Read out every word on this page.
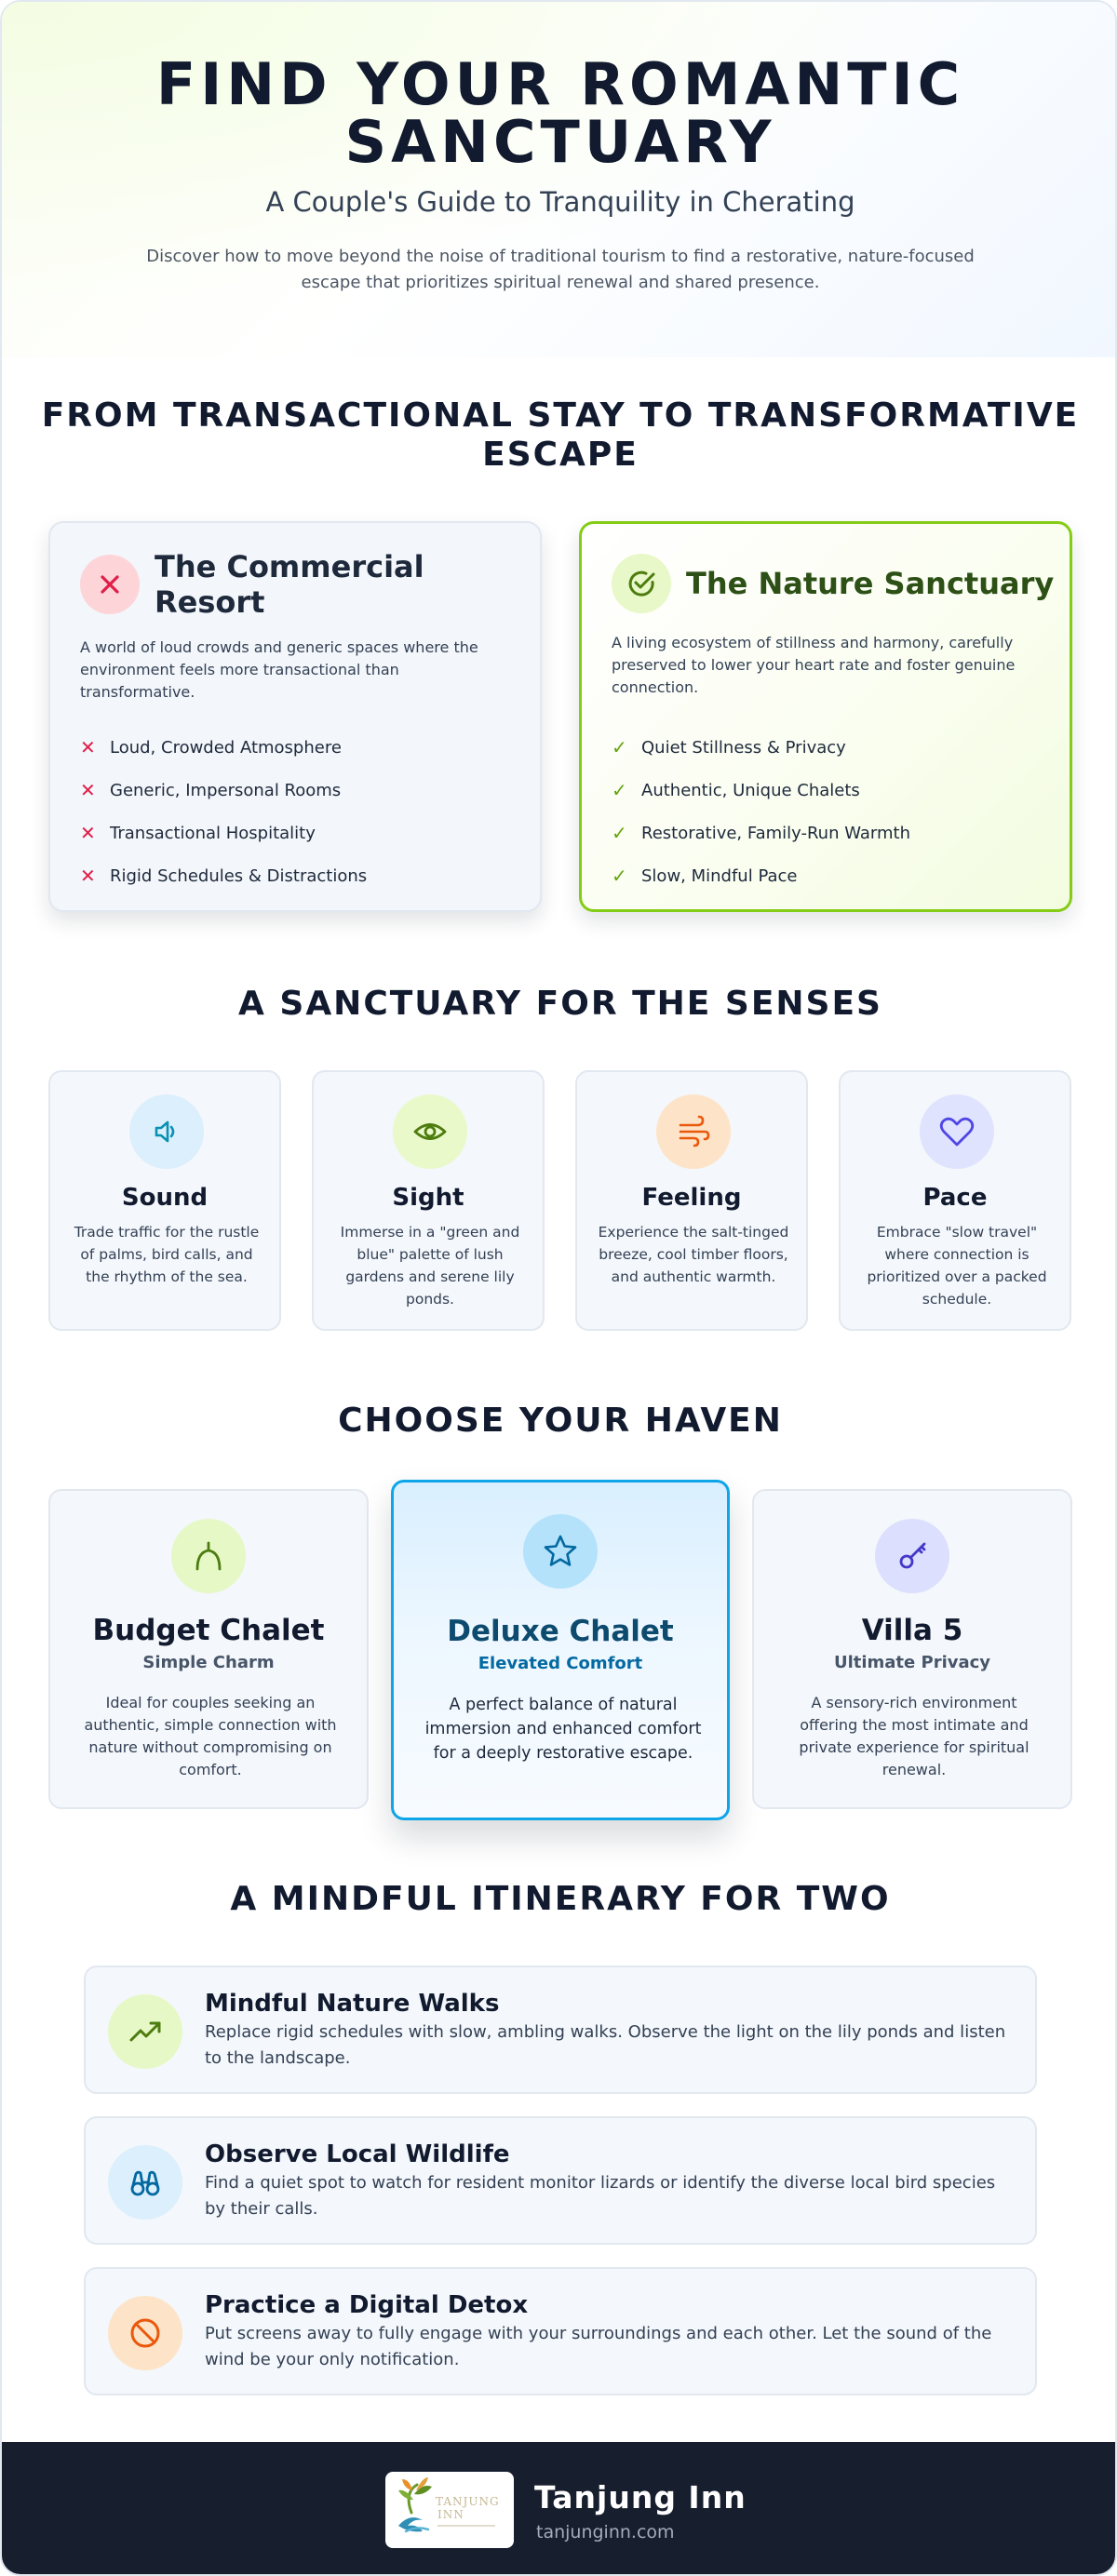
FIND YOUR ROMANTIC SANCTUARY

A Couple's Guide to Tranquility in Cherating

Discover how to move beyond the noise of traditional tourism to find a restorative, nature-focused escape that prioritizes spiritual renewal and shared presence.

FROM TRANSACTIONAL STAY TO TRANSFORMATIVE ESCAPE
The Commercial Resort

A world of loud crowds and generic spaces where the environment feels more transactional than transformative.

✕ Loud, Crowded Atmosphere
✕ Generic, Impersonal Rooms
✕ Transactional Hospitality
✕ Rigid Schedules & Distractions
The Nature Sanctuary

A living ecosystem of stillness and harmony, carefully preserved to lower your heart rate and foster genuine connection.

✓ Quiet Stillness & Privacy
✓ Authentic, Unique Chalets
✓ Restorative, Family-Run Warmth
✓ Slow, Mindful Pace
A SANCTUARY FOR THE SENSES
Sound

Trade traffic for the rustle of palms, bird calls, and the rhythm of the sea.

Sight

Immerse in a "green and blue" palette of lush gardens and serene lily ponds.

Feeling

Experience the salt-tinged breeze, cool timber floors, and authentic warmth.

Pace

Embrace "slow travel" where connection is prioritized over a packed schedule.

CHOOSE YOUR HAVEN
Budget Chalet

Simple Charm

Ideal for couples seeking an authentic, simple connection with nature without compromising on comfort.

Deluxe Chalet

Elevated Comfort

A perfect balance of natural immersion and enhanced comfort for a deeply restorative escape.

Villa 5

Ultimate Privacy

A sensory-rich environment offering the most intimate and private experience for spiritual renewal.

A MINDFUL ITINERARY FOR TWO
Mindful Nature Walks

Replace rigid schedules with slow, ambling walks. Observe the light on the lily ponds and listen to the landscape.

Observe Local Wildlife

Find a quiet spot to watch for resident monitor lizards or identify the diverse local bird species by their calls.

Practice a Digital Detox

Put screens away to fully engage with your surroundings and each other. Let the sound of the wind be your only notification.

TANJUNG
INN Tanjung Inn
tanjunginn.com
